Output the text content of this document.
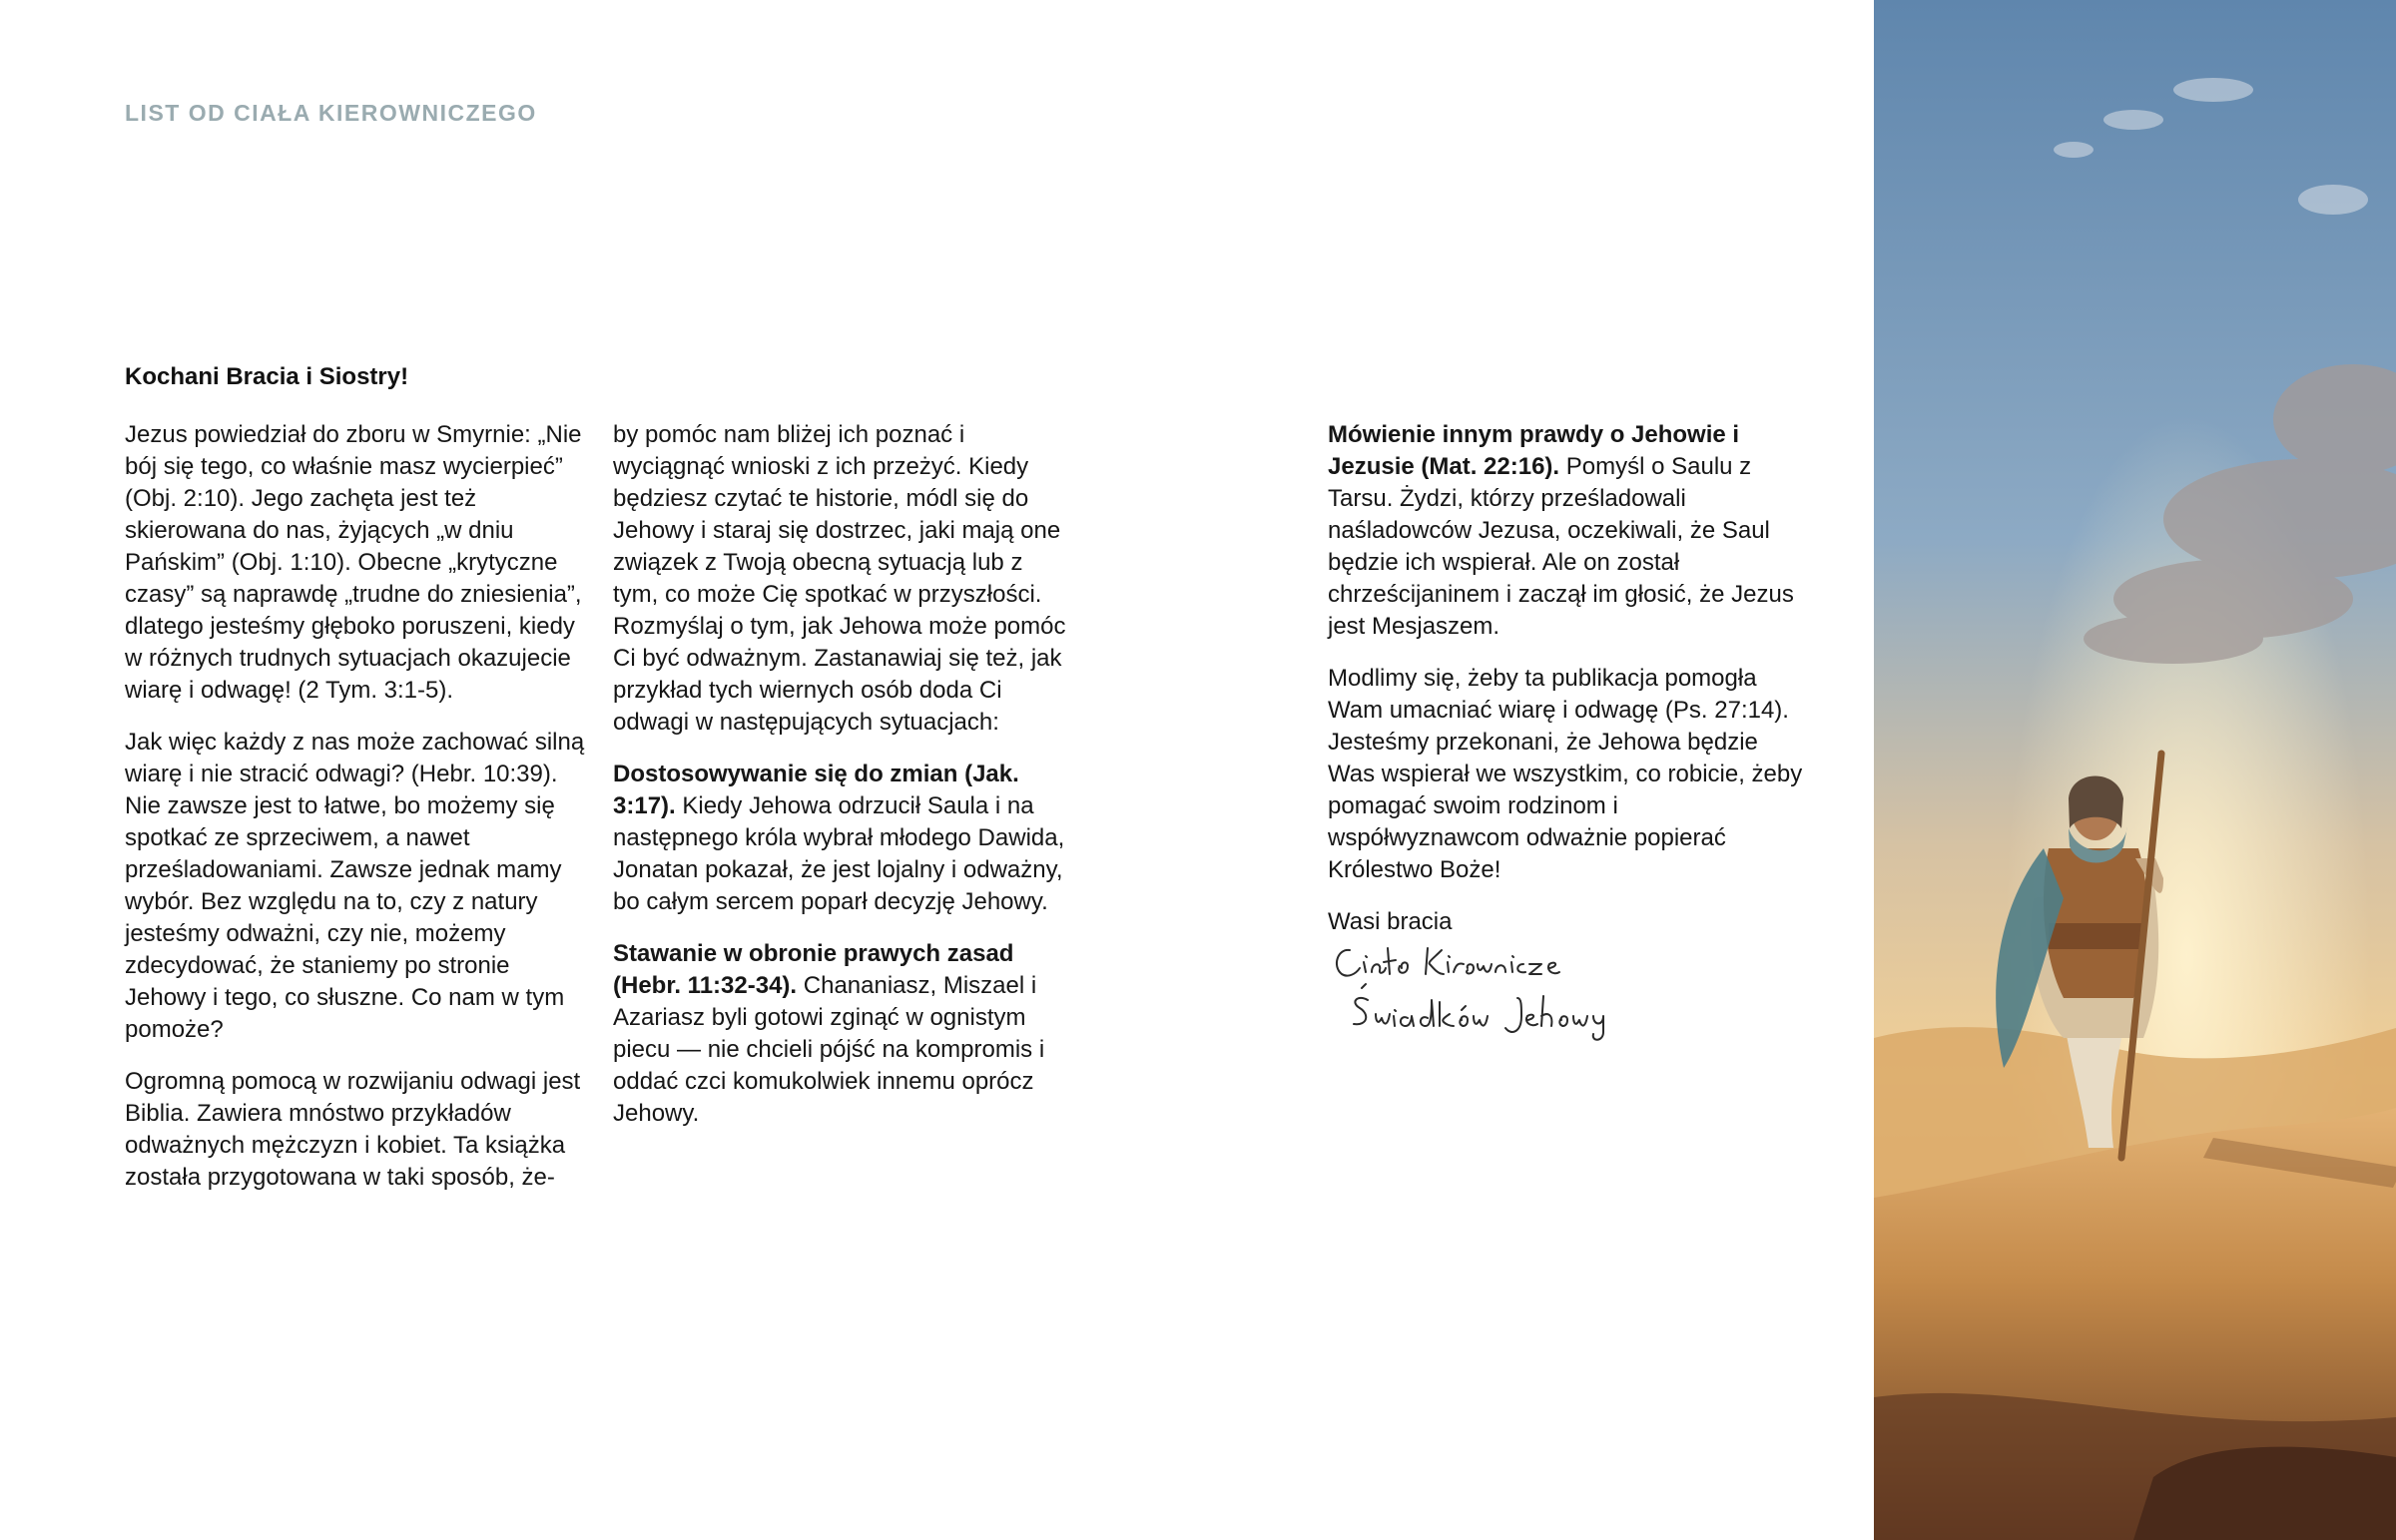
LIST OD CIAŁA KIEROWNICZEGO
Kochani Bracia i Siostry!

Jezus powiedział do zboru w Smyrnie: „Nie bój się tego, co właśnie masz wycierpieć” (Obj. 2:10). Jego zachęta jest też skierowana do nas, żyjących „w dniu Pańskim” (Obj. 1:10). Obecne „krytyczne czasy” są naprawdę „trudne do zniesienia”, dlatego jesteśmy głęboko poruszeni, kiedy w różnych trudnych sytuacjach okazujecie wiarę i odwagę! (2 Tym. 3:1-5).

Jak więc każdy z nas może zachować silną wiarę i nie stracić odwagi? (Hebr. 10:39). Nie zawsze jest to łatwe, bo możemy się spotkać ze sprzeciwem, a nawet prześladowaniami. Zawsze jednak mamy wybór. Bez względu na to, czy z natury jesteśmy odważni, czy nie, możemy zdecydować, że staniemy po stronie Jehowy i tego, co słuszne. Co nam w tym pomoże?

Ogromną pomocą w rozwijaniu odwagi jest Biblia. Zawiera mnóstwo przykładów odważnych mężczyzn i kobiet. Ta książka została przygotowana w taki sposób, że-

by pomóc nam bliżej ich poznać i wyciągnąć wnioski z ich przeżyć. Kiedy będziesz czytać te historie, módl się do Jehowy i staraj się dostrzec, jaki mają one związek z Twoją obecną sytuacją lub z tym, co może Cię spotkać w przyszłości. Rozmyślaj o tym, jak Jehowa może pomóc Ci być odważnym. Zastanawiaj się też, jak przykład tych wiernych osób doda Ci odwagi w następujących sytuacjach:

Dostosowywanie się do zmian (Jak. 3:17). Kiedy Jehowa odrzucił Saula i na następnego króla wybrał młodego Dawida, Jonatan pokazał, że jest lojalny i odważny, bo całym sercem poparł decyzję Jehowy.

Stawanie w obronie prawych zasad (Hebr. 11:32-34). Chananiasz, Miszael i Azariasz byli gotowi zginąć w ognistym piecu — nie chcieli pójść na kompromis i oddać czci komukolwiek innemu oprócz Jehowy.

Mówienie innym prawdy o Jehowie i Jezusie (Mat. 22:16). Pomyśl o Saulu z Tarsu. Żydzi, którzy prześladowali naśladowców Jezusa, oczekiwali, że Saul będzie ich wspierał. Ale on został chrześcijaninem i zaczął im głosić, że Jezus jest Mesjaszem.

Modlimy się, żeby ta publikacja pomogła Wam umacniać wiarę i odwagę (Ps. 27:14). Jesteśmy przekonani, że Jehowa będzie Was wspierał we wszystkim, co robicie, żeby pomagać swoim rodzinom i współwyznawcom odważnie popierać Królestwo Boże!

Wasi bracia
